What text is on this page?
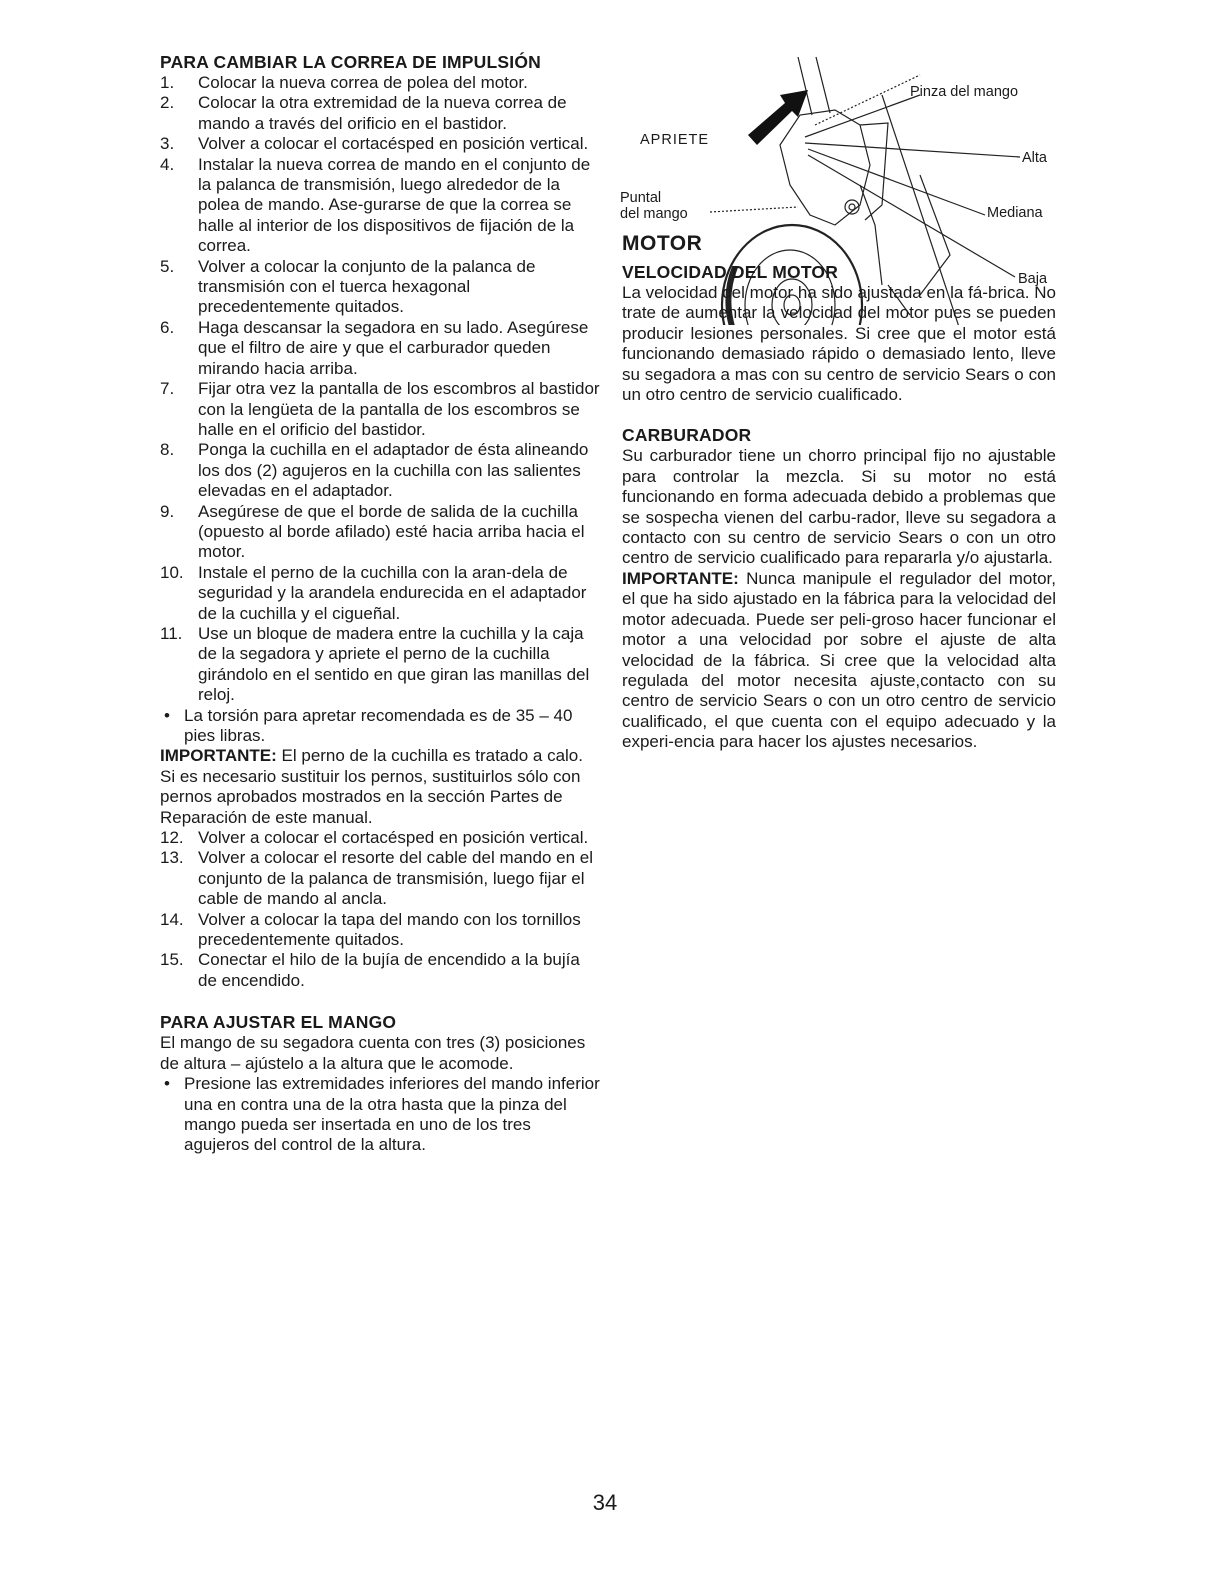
PARA CAMBIAR LA CORREA DE IMPULSIÓN
1.	Colocar la nueva correa de polea del motor.
2.	Colocar la otra extremidad de la nueva correa de mando a través del orificio en el bastidor.
3.	Volver a colocar el cortacésped en posición vertical.
4.	Instalar la nueva correa de mando en el conjunto de la palanca de transmisión, luego alrededor de la polea de mando. Ase-gurarse de que la correa se halle al interior de los dispositivos de fijación de la correa.
5.	Volver a colocar la conjunto de la palanca de transmisión con el tuerca hexagonal precedentemente quitados.
6.	Haga descansar la segadora en su lado. Asegúrese que el filtro de aire y que el carburador queden mirando hacia arriba.
7.	Fijar otra vez la pantalla de los escombros al bastidor con la lengüeta de la pantalla de los escombros se halle en el orificio del bastidor.
8.	Ponga la cuchilla en el adaptador de ésta alineando los dos (2) agujeros en la cuchilla con las salientes elevadas en el adaptador.
9.	Asegúrese de que el borde de salida de la cuchilla (opuesto al borde afilado) esté hacia arriba hacia el motor.
10. Instale el perno de la cuchilla con la aran-dela de seguridad y la arandela endurecida en el adaptador de la cuchilla y el cigueñal.
11. Use un bloque de madera entre la cuchilla y la caja de la segadora y apriete el perno de la cuchilla girándolo en el sentido en que giran las manillas del reloj.
• La torsión para apretar recomendada es de 35 – 40 pies libras.

IMPORTANTE: El perno de la cuchilla es tratado a calo. Si es necesario sustituir los pernos, sustituirlos sólo con pernos aprobados mostrados en la sección Partes de Reparación de este manual.

12. Volver a colocar el cortacésped en posición vertical.
13. Volver a colocar el resorte del cable del mando en el conjunto de la palanca de transmisión, luego fijar el cable de mando al ancla.
14. Volver a colocar la tapa del mando con los tornillos precedentemente quitados.
15. Conectar el hilo de la bujía de encendido a la bujía de encendido.
PARA AJUSTAR EL MANGO

El mango de su segadora cuenta con tres (3) posiciones de altura – ajústelo a la altura que le acomode.

• Presione las extremidades inferiores del mando inferior una en contra una de la otra hasta que la pinza del mango pueda ser insertada en uno de los tres agujeros del control de la altura.
Pinza del mango
APRIETE
Alta
Puntal
del mango	Mediana
Baja
MOTOR
VELOCIDAD DEL MOTOR

La velocidad del motor ha sido ajustada en la fá-brica. No trate de aumentar la velocidad del motor pues se pueden producir lesiones personales. Si cree que el motor está funcionando demasiado rápido o demasiado lento, lleve su segadora a mas con su centro de servicio Sears o con un otro centro de servicio cualificado.

CARBURADOR

Su carburador tiene un chorro principal fijo no ajustable para controlar la mezcla. Si su motor no está funcionando en forma adecuada debido a problemas que se sospecha vienen del carbu-rador, lleve su segadora a contacto con su centro de servicio Sears o con un otro centro de servicio cualificado para repararla y/o ajustarla.

IMPORTANTE: Nunca manipule el regulador del motor, el que ha sido ajustado en la fábrica para la velocidad del motor adecuada. Puede ser peli-groso hacer funcionar el motor a una velocidad por sobre el ajuste de alta velocidad de la fábrica. Si cree que la velocidad alta regulada del motor necesita ajuste,contacto con su centro de servicio Sears o con un otro centro de servicio cualificado, el que cuenta con el equipo adecuado y la experi-encia para hacer los ajustes necesarios.

34
